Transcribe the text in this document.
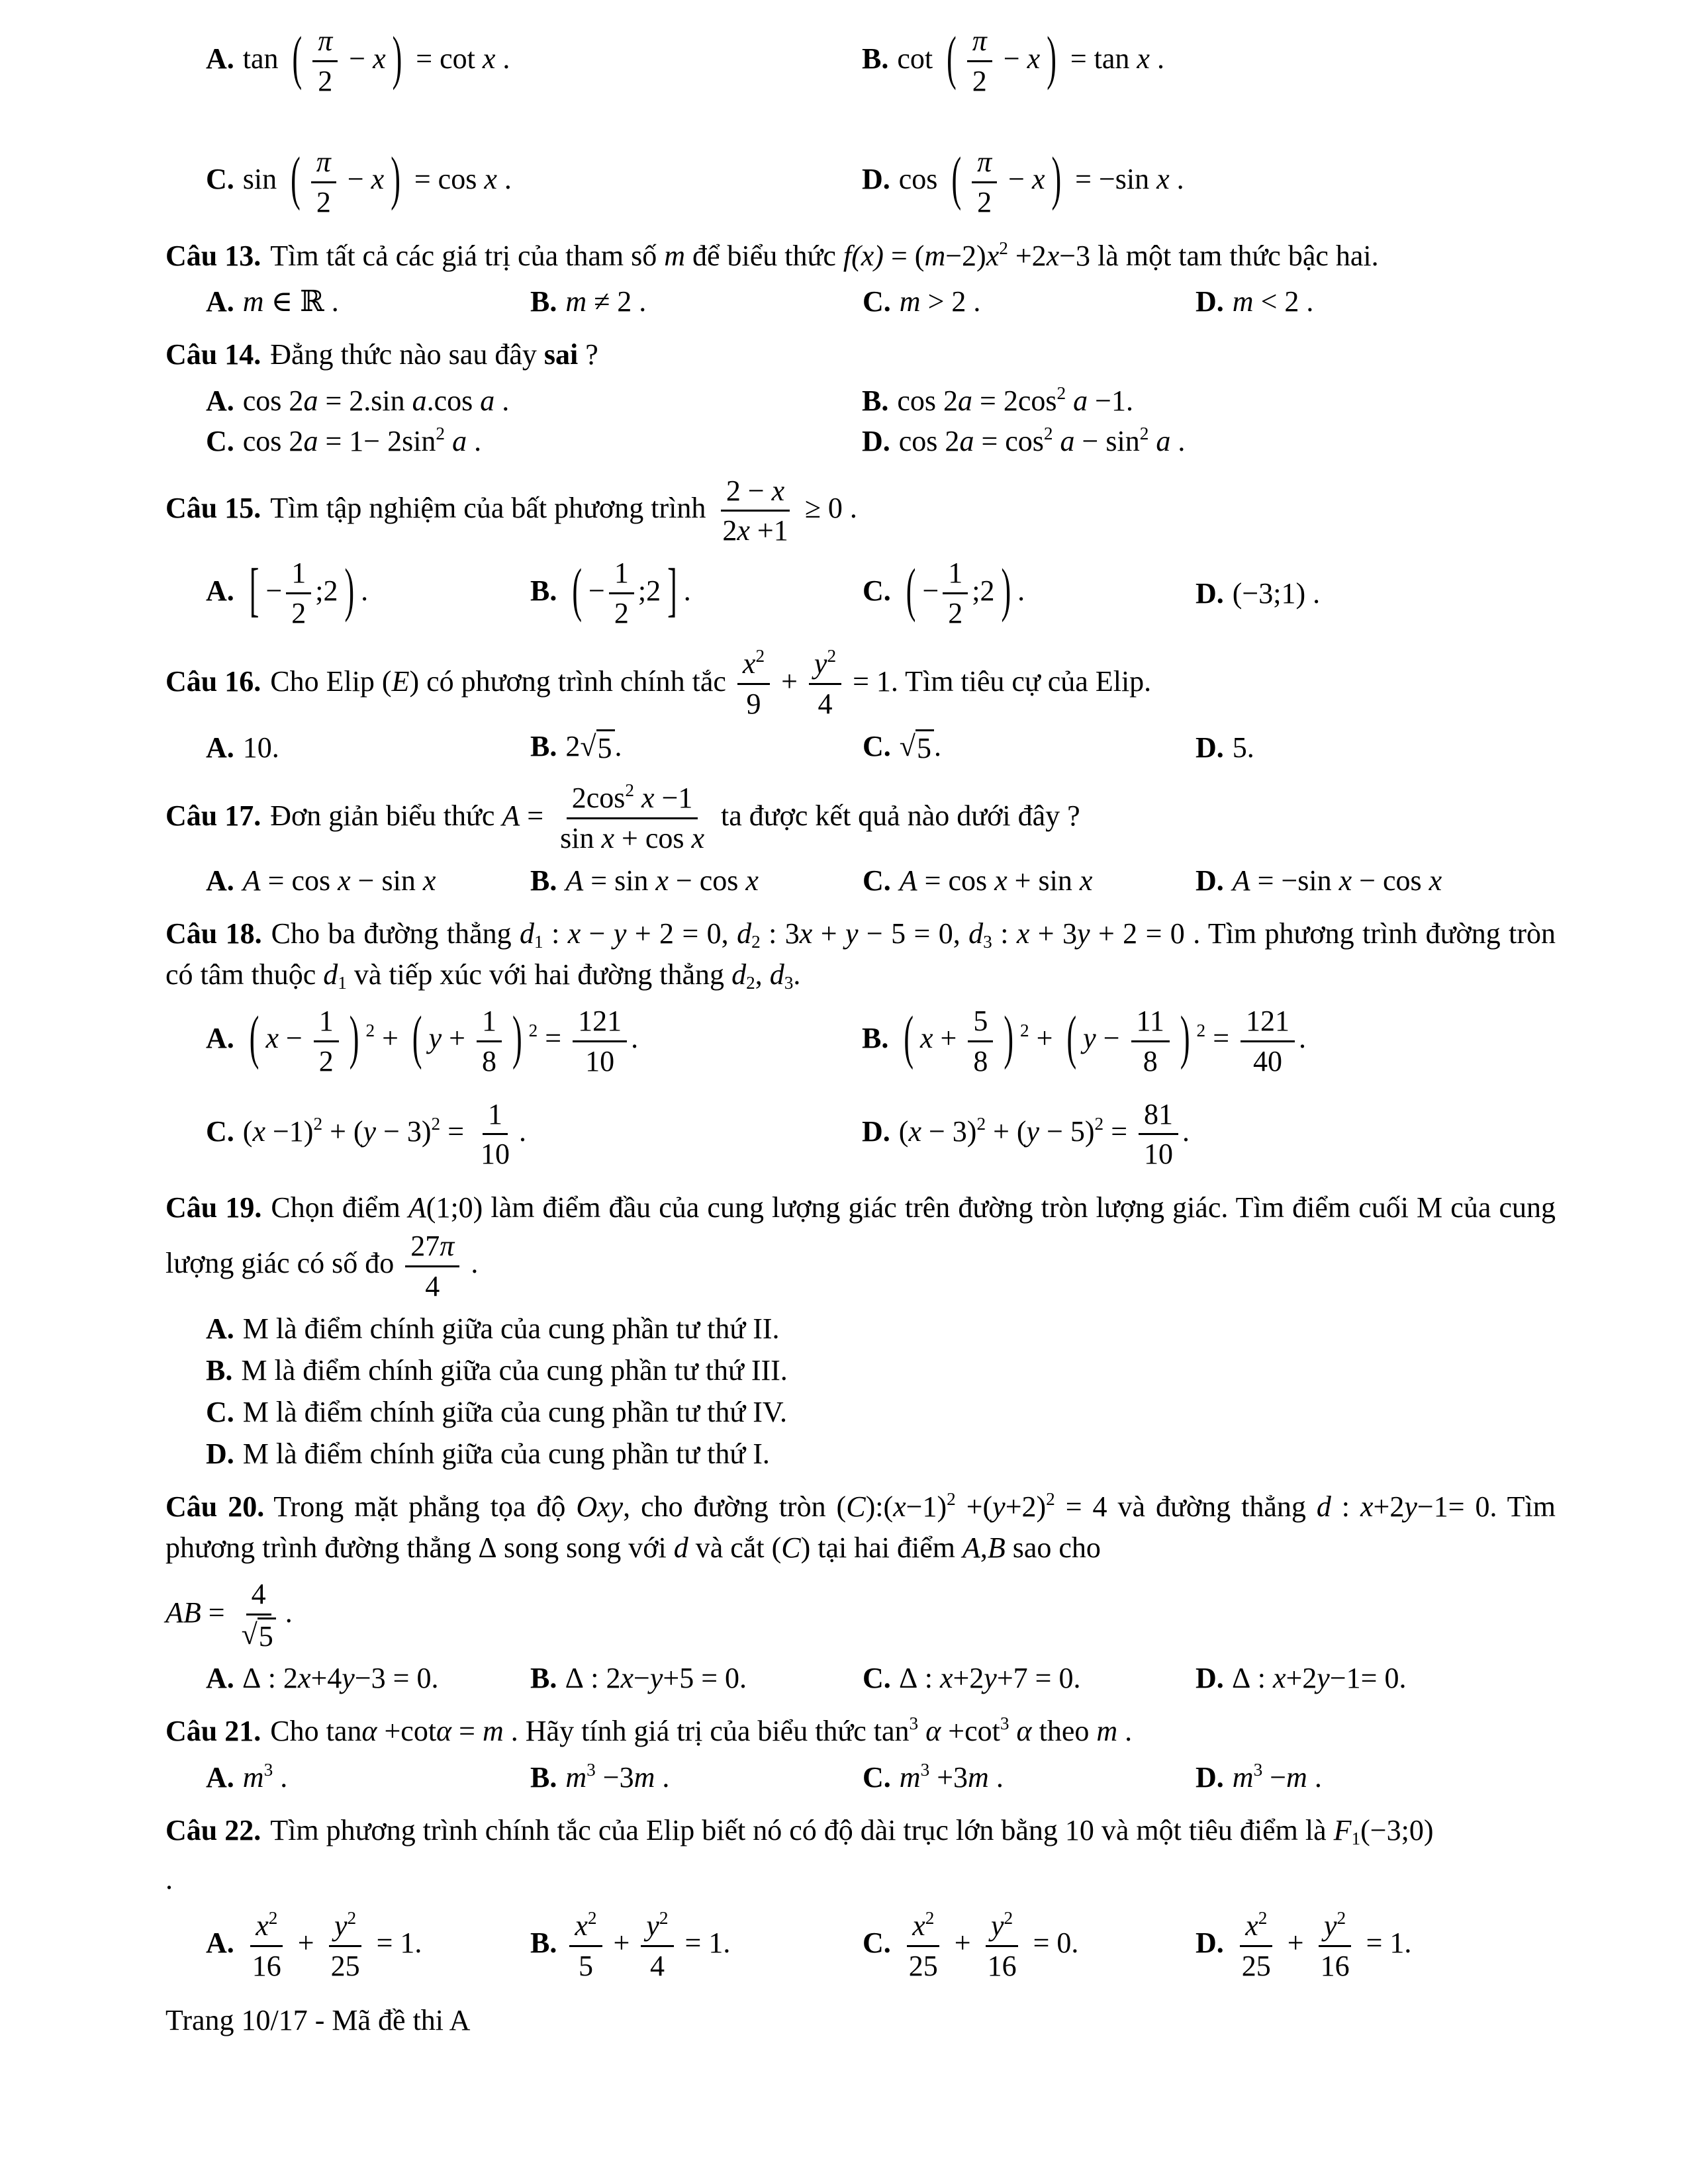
A. tan ( $\frac{\pi}{2} - x$ ) = cot x .	B. cot ( $\frac{\pi}{2} - x$ ) = tan x .
C. sin ( $\frac{\pi}{2} - x$ ) = cos x .	D. cos ( $\frac{\pi}{2} - x$ ) = −sin x .
Câu 13. Tìm tất cả các giá trị của tham số m để biểu thức $f(x) = (m-2)x^2 +2x-3$ là một tam thức bậc hai.
A. m ∈ ℝ .	B. m ≠ 2 .	C. m > 2 .	D. m < 2 .
Câu 14. Đẳng thức nào sau đây sai ?
A. cos 2a = 2.sin a.cos a .	B. $\cos 2a = 2\cos^2$ a −1.
C. $\cos 2a = 1- 2\sin^2$ a .	D. $\cos 2a = \cos^2 a - \sin^2 a$ .
Câu 15. Tìm tập nghiệm của bất phương trình $\frac{2 - x}{2x +1} \ge 0$ .
A. [ − $\frac{1}{2}$ ;2 ) .	B. ( − $\frac{1}{2}$ ;2 ] .	C. ( − $\frac{1}{2}$ ;2 ) .	D. (−3;1) .
Câu 16. Cho Elip (E) có phương trình chính tắc $\frac{x^2}{9} + \frac{y^2}{4} = 1$. Tìm tiêu cự của Elip.
A. 10.	B. 2 √ 5 .	C. √ 5 .	D. 5.
Câu 17. Đơn giản biểu thức $A = \frac{2\cos^2 x -1}{\text{sin x + cos x}}$ ta được kết quả nào dưới đây ?
A. A = cos x − sin x	B. A = sin x − cos x	C. A = cos x + sin x	D. A = −sin x − cos x
Câu 18. Cho ba đường thẳng $d_1$ : x − y + 2 = 0, $d_2$ : 3x + y − 5 = 0, $d_3$ : x + 3y + 2 = 0 . Tìm phương trình đường tròn có tâm thuộc $d_1$ và tiếp xúc với hai đường thẳng $d_2$, $d_3$.
A. ( $x - \frac{1}{2}$ ) $^2$ + ( $y + \frac{1}{8}$ ) $^2 = \frac{121}{10}$ .	B. ( $x + \frac{5}{8}$ ) $^2$ + ( $y - \frac{11}{8}$ ) $^2 = \frac{121}{40}$ .
C. $(x -1)^2 + (y - 3)^2 = \frac{1}{10}$ .	D. $(x - 3)^2 + (y - 5)^2 = \frac{81}{10}$ .
Câu 19. Chọn điểm A(1;0) làm điểm đầu của cung lượng giác trên đường tròn lượng giác. Tìm điểm cuối M của cung lượng giác có số đo $\frac{27\pi}{4}$ .
A. M là điểm chính giữa của cung phần tư thứ II.
B. M là điểm chính giữa của cung phần tư thứ III.
C. M là điểm chính giữa của cung phần tư thứ IV.
D. M là điểm chính giữa của cung phần tư thứ I.
Câu 20. Trong mặt phẳng tọa độ Oxy, cho đường tròn $(C):(x-1)^2 +(y+2)^2 = 4$ và đường thẳng d : x+2y−1= 0. Tìm phương trình đường thẳng ∆ song song với d và cắt (C) tại hai điểm A,B sao cho
AB = $\frac{4}{√ 5}$ .
A. ∆ : 2x+4y−3 = 0.	B. ∆ : 2x−y+5 = 0.	C. ∆ : x+2y+7 = 0.	D. ∆ : x+2y−1= 0.
Câu 21. Cho tanα +cotα = m . Hãy tính giá trị của biểu thức $\tan^3 \alpha +\cot^3$ α theo m .
A. $m^3$ .	B. $m^3 -3m$ .	C. $m^3 +3m$ .	D. $m^3 -m$ .
Câu 22. Tìm phương trình chính tắc của Elip biết nó có độ dài trục lớn bằng 10 và một tiêu điểm là $F_1(-3;0)$
.
A. $\frac{x^2}{16} + \frac{y^2}{25} = 1$.	B. $\frac{x^2}{5} + \frac{y^2}{4} = 1$.	C. $\frac{x^2}{25} + \frac{y^2}{16} = 0$.	D. $\frac{x^2}{25} + \frac{y^2}{16} = 1$.
Trang 10/17 - Mã đề thi A
